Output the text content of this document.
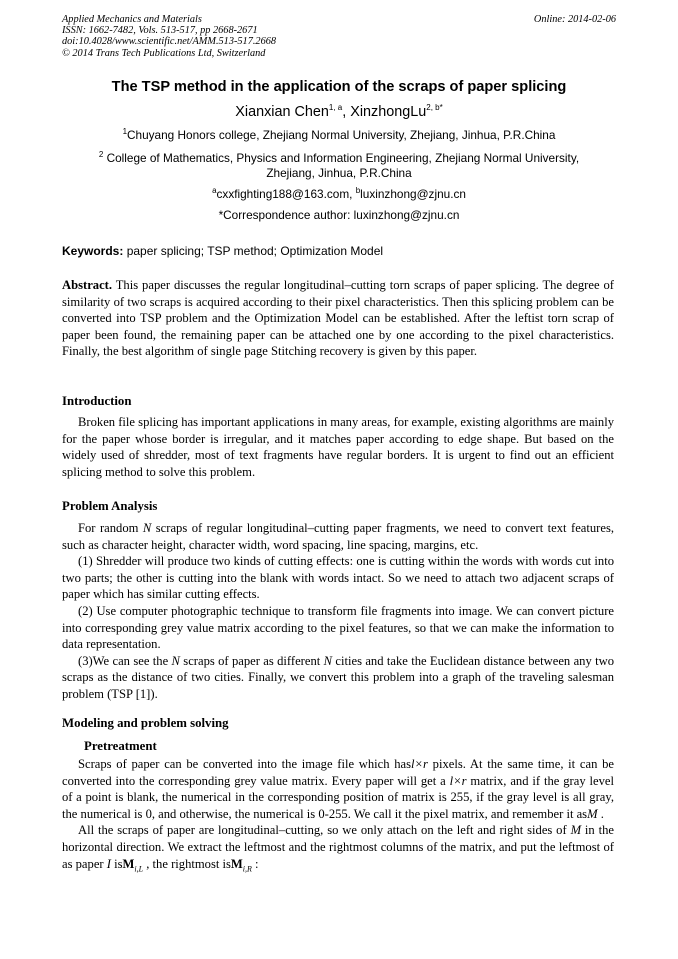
Applied Mechanics and Materials
ISSN: 1662-7482, Vols. 513-517, pp 2668-2671
doi:10.4028/www.scientific.net/AMM.513-517.2668
© 2014 Trans Tech Publications Ltd, Switzerland
Online: 2014-02-06
The TSP method in the application of the scraps of paper splicing
Xianxian Chen$^{1, a}$, XinzhongLu$^{2, b*}$
$^1$Chuyang Honors college, Zhejiang Normal University, Zhejiang, Jinhua, P.R.China
$^2$ College of Mathematics, Physics and Information Engineering, Zhejiang Normal University,
Zhejiang, Jinhua, P.R.China
$^a$cxxfighting188@163.com, $^b$luxinzhong@zjnu.cn
*Correspondence author: luxinzhong@zjnu.cn
Keywords: paper splicing; TSP method; Optimization Model

Abstract. This paper discusses the regular longitudinal–cutting torn scraps of paper splicing. The degree of similarity of two scraps is acquired according to their pixel characteristics. Then this splicing problem can be converted into TSP problem and the Optimization Model can be established. After the leftist torn scrap of paper been found, the remaining paper can be attached one by one according to the pixel characteristics. Finally, the best algorithm of single page Stitching recovery is given by this paper.

Introduction

Broken file splicing has important applications in many areas, for example, existing algorithms are mainly for the paper whose border is irregular, and it matches paper according to edge shape. But based on the widely used of shredder, most of text fragments have regular borders. It is urgent to find out an efficient splicing method to solve this problem.

Problem Analysis

For random N scraps of regular longitudinal–cutting paper fragments, we need to convert text features, such as character height, character width, word spacing, line spacing, margins, etc.

(1) Shredder will produce two kinds of cutting effects: one is cutting within the words with words cut into two parts; the other is cutting into the blank with words intact. So we need to attach two adjacent scraps of paper which has similar cutting effects.

(2) Use computer photographic technique to transform file fragments into image. We can convert picture into corresponding grey value matrix according to the pixel features, so that we can make the information to data representation.

(3)We can see the N scraps of paper as different N cities and take the Euclidean distance between any two scraps as the distance of two cities. Finally, we convert this problem into a graph of the traveling salesman problem (TSP [1]).

Modeling and problem solving
Pretreatment

Scraps of paper can be converted into the image file which hasl×r pixels. At the same time, it can be converted into the corresponding grey value matrix. Every paper will get a l×r matrix, and if the gray level of a point is blank, the numerical in the corresponding position of matrix is 255, if the gray level is all gray, the numerical is 0, and otherwise, the numerical is 0-255. We call it the pixel matrix, and remember it asM .

All the scraps of paper are longitudinal–cutting, so we only attach on the left and right sides of M in the horizontal direction. We extract the leftmost and the rightmost columns of the matrix, and put the leftmost of as paper I isM$_{i,L}$ , the rightmost isM$_{i,R}$ :
